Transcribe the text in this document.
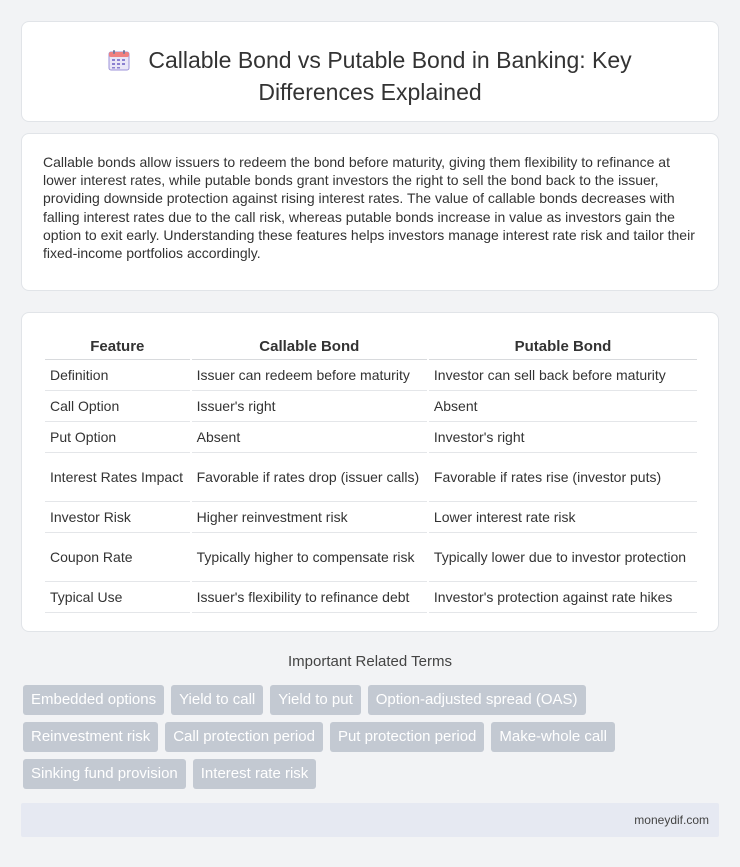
Callable Bond vs Putable Bond in Banking: Key
Differences Explained

Callable bonds allow issuers to redeem the bond before maturity, giving them flexibility to refinance at lower interest rates, while putable bonds grant investors the right to sell the bond back to the issuer, providing downside protection against rising interest rates. The value of callable bonds decreases with falling interest rates due to the call risk, whereas putable bonds increase in value as investors gain the option to exit early. Understanding these features helps investors manage interest rate risk and tailor their fixed-income portfolios accordingly.

Feature	Callable Bond	Putable Bond
Definition	Issuer can redeem before maturity	Investor can sell back before maturity
Call Option	Issuer's right	Absent
Put Option	Absent	Investor's right
Interest Rates Impact	Favorable if rates drop (issuer calls)	Favorable if rates rise (investor puts)
Investor Risk	Higher reinvestment risk	Lower interest rate risk
Coupon Rate	Typically higher to compensate risk	Typically lower due to investor protection
Typical Use	Issuer's flexibility to refinance debt	Investor's protection against rate hikes
Important Related Terms
Embedded options	Yield to call	Yield to put	Option-adjusted spread (OAS)
Reinvestment risk	Call protection period	Put protection period	Make-whole call
Sinking fund provision	Interest rate risk
moneydif.com
